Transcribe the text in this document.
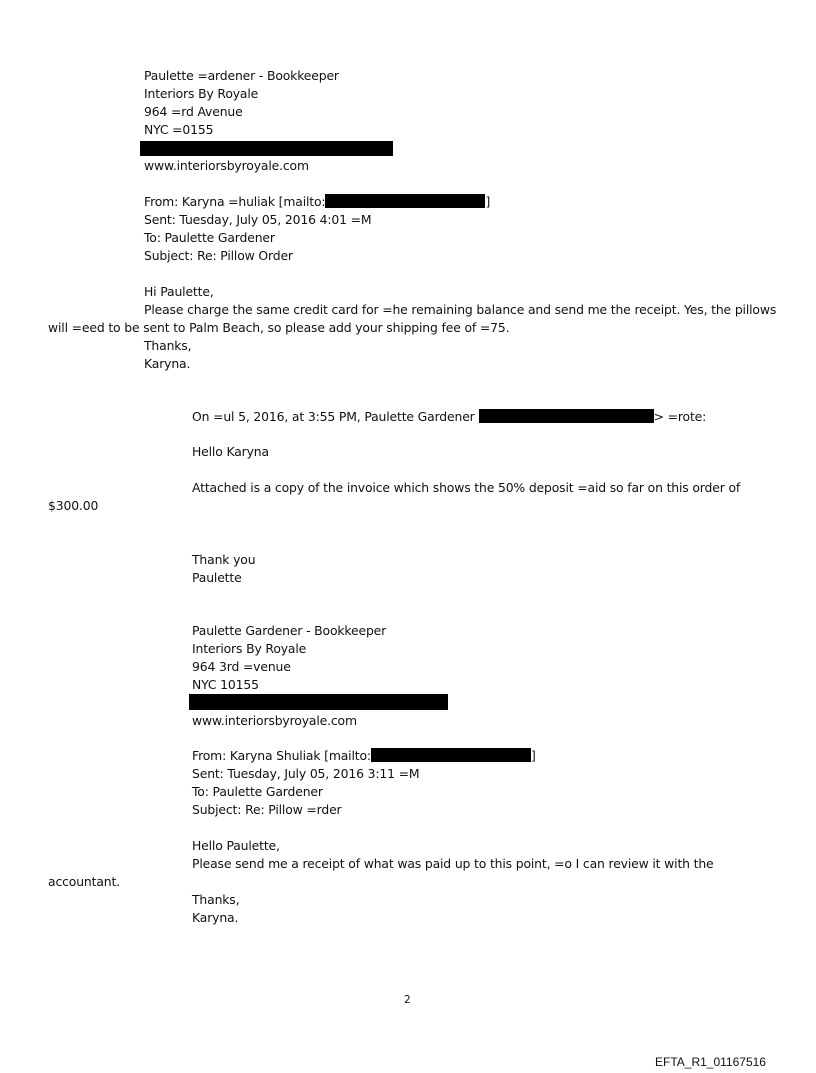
Paulette =ardener - Bookkeeper
Interiors By Royale
964 =rd Avenue
NYC =0155
www.interiorsbyroyale.com
From: Karyna =huliak [mailto:	]
Sent: Tuesday, July 05, 2016 4:01 =M
To: Paulette Gardener
Subject: Re: Pillow Order
Hi Paulette,
Please charge the same credit card for =he remaining balance and send me the receipt. Yes, the pillows
will =eed to be sent to Palm Beach, so please add your shipping fee of =75.
Thanks,
Karyna.
On =ul 5, 2016, at 3:55 PM, Paulette Gardener	> =rote:
Hello Karyna
Attached is a copy of the invoice which shows the 50% deposit =aid so far on this order of
$300.00
Thank you
Paulette
Paulette Gardener - Bookkeeper
Interiors By Royale
964 3rd =venue
NYC 10155
www.interiorsbyroyale.com
From: Karyna Shuliak [mailto:	]
Sent: Tuesday, July 05, 2016 3:11 =M
To: Paulette Gardener
Subject: Re: Pillow =rder
Hello Paulette,
Please send me a receipt of what was paid up to this point, =o I can review it with the
accountant.
Thanks,
Karyna.
2
EFTA_R1_01167516
